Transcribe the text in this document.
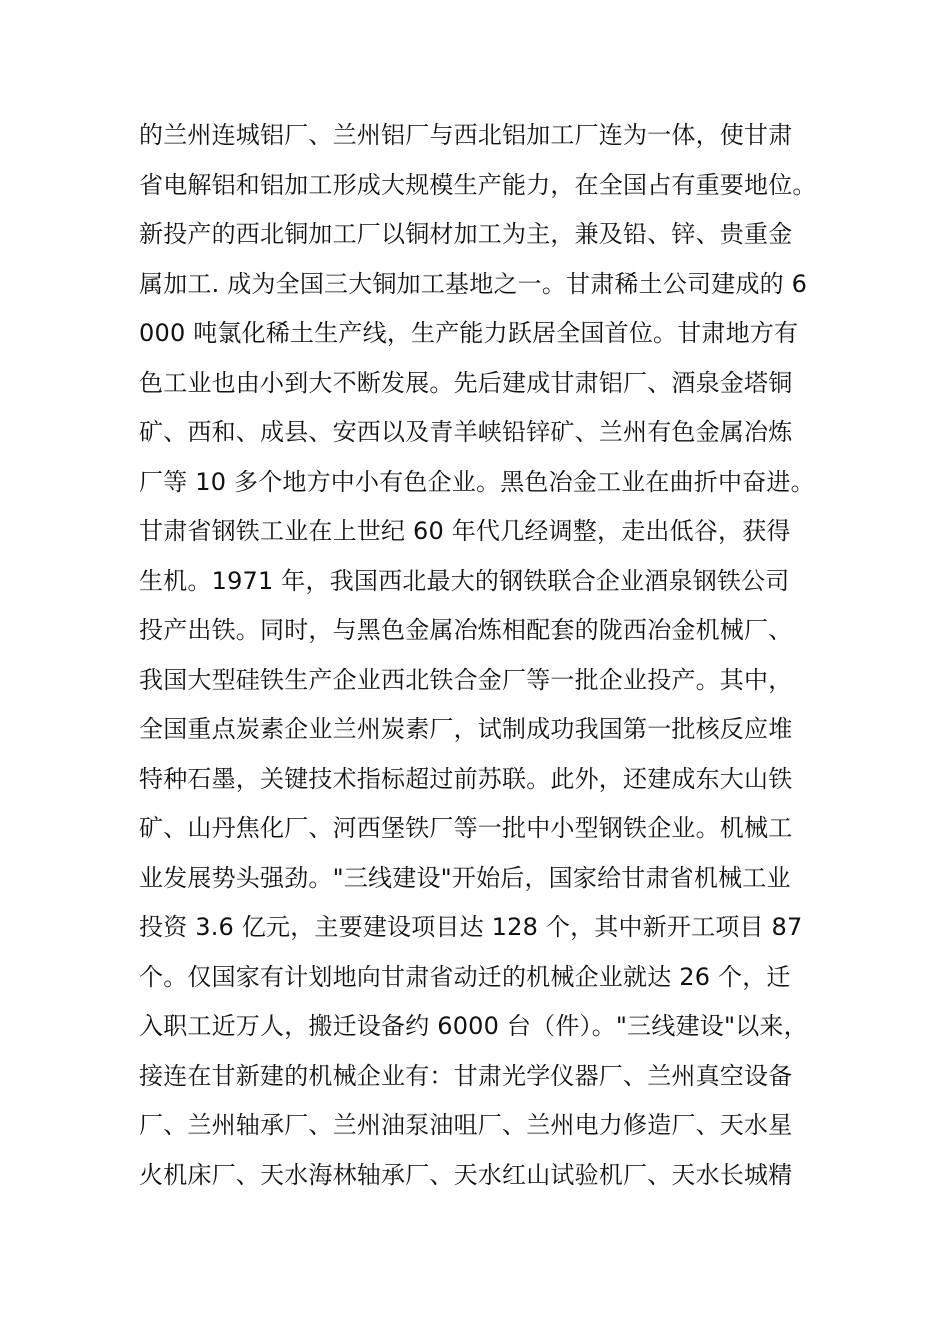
的兰州连城铝厂、兰州铝厂与西北铝加工厂连为一体，使甘肃
省电解铝和铝加工形成大规模生产能力，在全国占有重要地位。
新投产的西北铜加工厂以铜材加工为主，兼及铅、锌、贵重金
属加工. 成为全国三大铜加工基地之一。甘肃稀土公司建成的 6
000 吨氯化稀土生产线，生产能力跃居全国首位。甘肃地方有
色工业也由小到大不断发展。先后建成甘肃铝厂、酒泉金塔铜
矿、西和、成县、安西以及青羊峡铅锌矿、兰州有色金属冶炼
厂等 10 多个地方中小有色企业。黑色冶金工业在曲折中奋进。
甘肃省钢铁工业在上世纪 60 年代几经调整，走出低谷，获得
生机。1971 年，我国西北最大的钢铁联合企业酒泉钢铁公司
投产出铁。同时，与黑色金属冶炼相配套的陇西冶金机械厂、
我国大型硅铁生产企业西北铁合金厂等一批企业投产。其中，
全国重点炭素企业兰州炭素厂，试制成功我国第一批核反应堆
特种石墨，关键技术指标超过前苏联。此外，还建成东大山铁
矿、山丹焦化厂、河西堡铁厂等一批中小型钢铁企业。机械工
业发展势头强劲。"三线建设"开始后，国家给甘肃省机械工业
投资 3.6 亿元，主要建设项目达 128 个，其中新开工项目 87
个。仅国家有计划地向甘肃省动迁的机械企业就达 26 个，迁
入职工近万人，搬迁设备约 6000 台（件）。"三线建设"以来，
接连在甘新建的机械企业有：甘肃光学仪器厂、兰州真空设备
厂、兰州轴承厂、兰州油泵油咀厂、兰州电力修造厂、天水星
火机床厂、天水海林轴承厂、天水红山试验机厂、天水长城精
